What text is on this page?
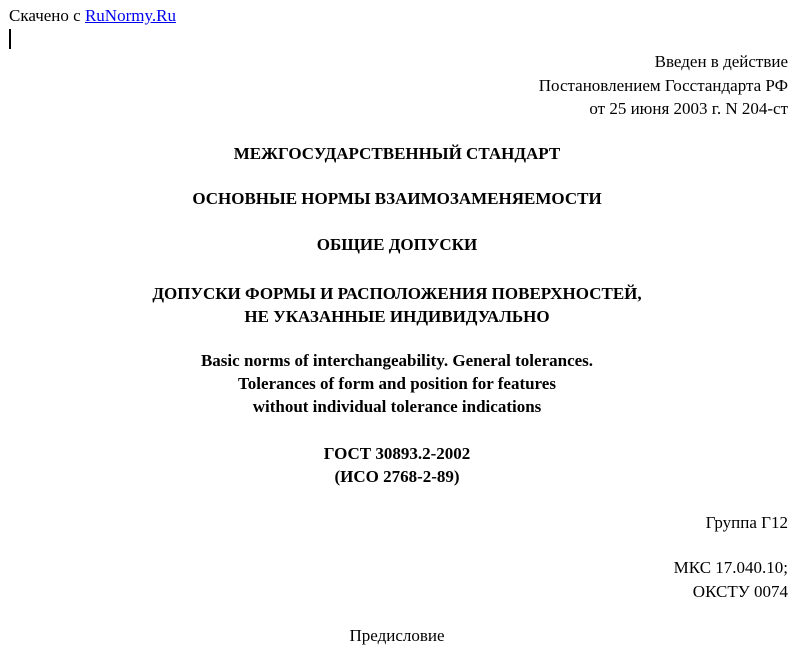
Скачено с RuNormy.Ru
Введен в действие
Постановлением Госстандарта РФ
от 25 июня 2003 г. N 204-ст
МЕЖГОСУДАРСТВЕННЫЙ СТАНДАРТ
ОСНОВНЫЕ НОРМЫ ВЗАИМОЗАМЕНЯЕМОСТИ
ОБЩИЕ ДОПУСКИ
ДОПУСКИ ФОРМЫ И РАСПОЛОЖЕНИЯ ПОВЕРХНОСТЕЙ,
НЕ УКАЗАННЫЕ ИНДИВИДУАЛЬНО
Basic norms of interchangeability. General tolerances.
Tolerances of form and position for features
without individual tolerance indications
ГОСТ 30893.2-2002
(ИСО 2768-2-89)
Группа Г12
МКС 17.040.10;
ОКСТУ 0074
Предисловие
